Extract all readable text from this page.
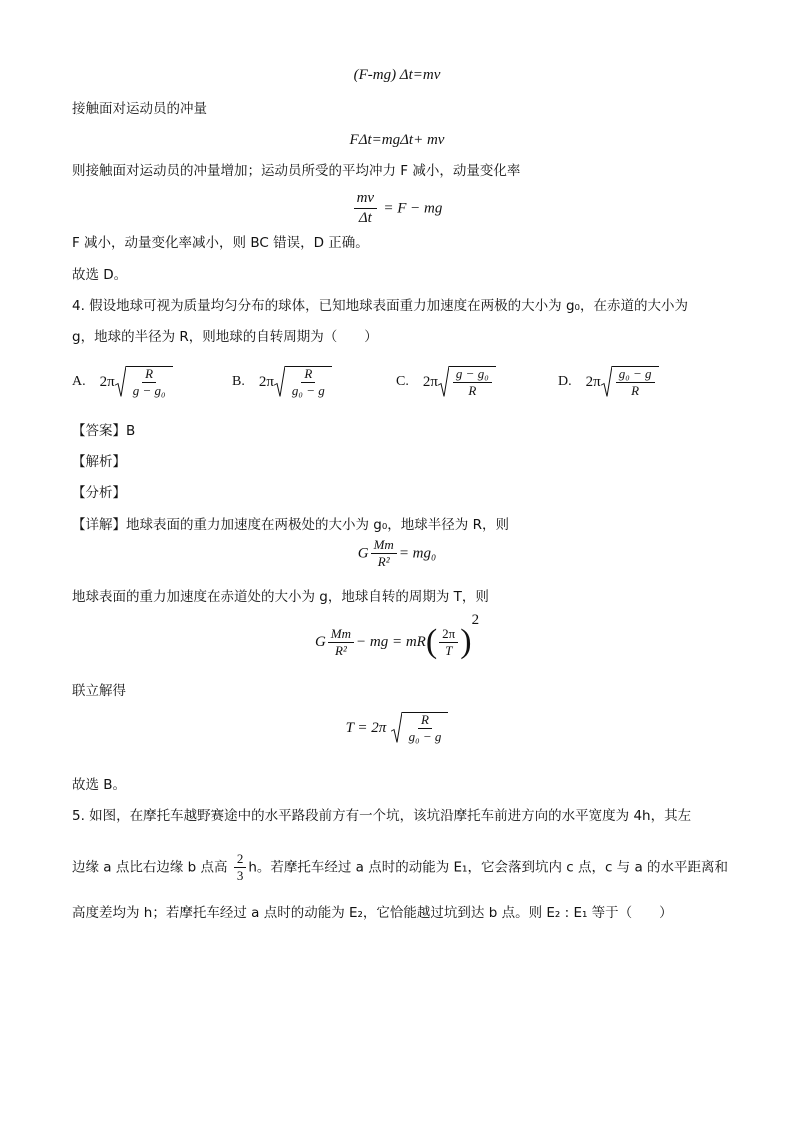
(F-mg) Δt=mv
接触面对运动员的冲量
FΔt=mgΔt+ mv
则接触面对运动员的冲量增加；运动员所受的平均冲力 F 减小，动量变化率
$\frac{mv}{\Delta t} = F$ − mg
F 减小，动量变化率减小，则 BC 错误，D 正确。
故选 D。
4. 假设地球可视为质量均匀分布的球体，已知地球表面重力加速度在两极的大小为 g₀，在赤道的大小为
g，地球的半径为 R，则地球的自转周期为（　　）
A. $2\pi \frac{R}{\text{g − g₀}}$	B. $2\pi \frac{R}{\text{g₀ − g}}$	C. $2\pi \frac{\text{g − g₀}}{R}$	D. $2\pi \frac{\text{g₀ − g}}{R}$
【答案】B
【解析】
【分析】
【详解】地球表面的重力加速度在两极处的大小为 g₀，地球半径为 R，则
G $\frac{Mm}{\text{R²}} = mg_0$
地球表面的重力加速度在赤道处的大小为 g，地球自转的周期为 T，则
G $\frac{Mm}{\text{R²}}$ − mg = $mR( \frac{2\pi}{T} )^2$
联立解得
$T = 2\pi \frac{R}{\text{g₀ − g}}$
故选 B。
5. 如图，在摩托车越野赛途中的水平路段前方有一个坑，该坑沿摩托车前进方向的水平宽度为 4h，其左
边缘 a 点比右边缘 b 点高 $\frac{2}{3}$ h。若摩托车经过 a 点时的动能为 E₁，它会落到坑内 c 点，c 与 a 的水平距离和
高度差均为 h；若摩托车经过 a 点时的动能为 E₂，它恰能越过坑到达 b 点。则 E₂ : E₁ 等于（　　）
